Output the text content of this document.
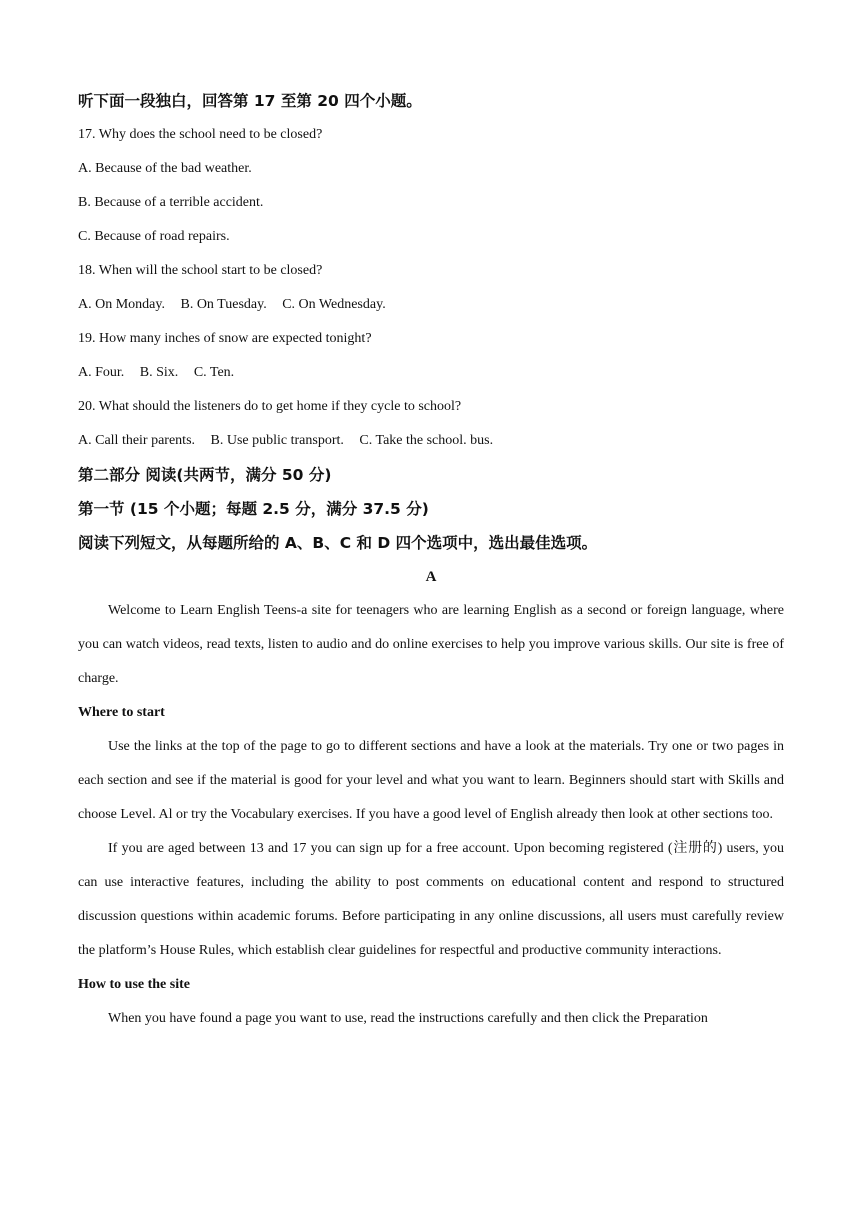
听下面一段独白，回答第 17 至第 20 四个小题。
17. Why does the school need to be closed?
A. Because of the bad weather.
B. Because of a terrible accident.
C. Because of road repairs.
18. When will the school start to be closed?
A. On Monday. B. On Tuesday. C. On Wednesday.
19. How many inches of snow are expected tonight?
A. Four. B. Six. C. Ten.
20. What should the listeners do to get home if they cycle to school?
A. Call their parents. B. Use public transport. C. Take the school. bus.
第二部分 阅读(共两节，满分 50 分)
第一节 (15 个小题；每题 2.5 分，满分 37.5 分)
阅读下列短文，从每题所给的 A、B、C 和 D 四个选项中，选出最佳选项。
A

Welcome to Learn English Teens-a site for teenagers who are learning English as a second or foreign language, where you can watch videos, read texts, listen to audio and do online exercises to help you improve various skills. Our site is free of charge.

Where to start

Use the links at the top of the page to go to different sections and have a look at the materials. Try one or two pages in each section and see if the material is good for your level and what you want to learn. Beginners should start with Skills and choose Level. Al or try the Vocabulary exercises. If you have a good level of English already then look at other sections too.

If you are aged between 13 and 17 you can sign up for a free account. Upon becoming registered (注册的) users, you can use interactive features, including the ability to post comments on educational content and respond to structured discussion questions within academic forums. Before participating in any online discussions, all users must carefully review the platform’s House Rules, which establish clear guidelines for respectful and productive community interactions.

How to use the site

When you have found a page you want to use, read the instructions carefully and then click the Preparation
